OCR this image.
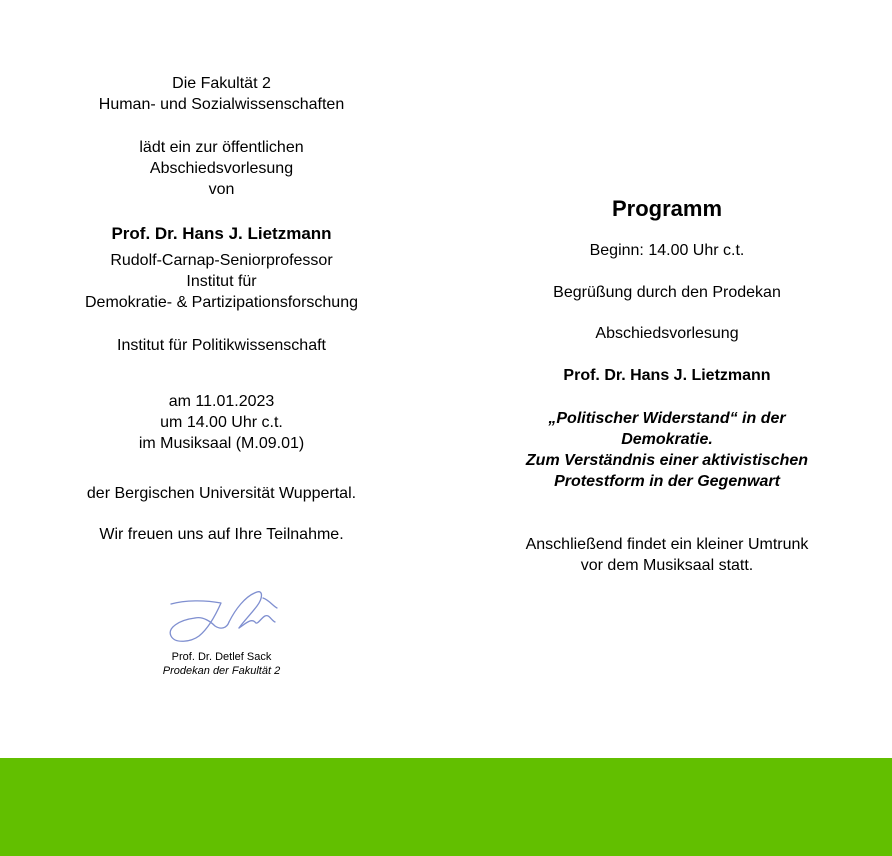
Die Fakultät 2
Human- und Sozialwissenschaften
lädt ein zur öffentlichen
Abschiedsvorlesung
von
Prof. Dr. Hans J. Lietzmann
Rudolf-Carnap-Seniorprofessor
Institut für
Demokratie- & Partizipationsforschung
Institut für Politikwissenschaft
am 11.01.2023
um 14.00 Uhr c.t.
im Musiksaal (M.09.01)
der Bergischen Universität Wuppertal.
Wir freuen uns auf Ihre Teilnahme.
Prof. Dr. Detlef Sack
Prodekan der Fakultät 2
Programm
Beginn: 14.00 Uhr c.t.
Begrüßung durch den Prodekan
Abschiedsvorlesung
Prof. Dr. Hans J. Lietzmann
„Politischer Widerstand“ in der
Demokratie.
Zum Verständnis einer aktivistischen
Protestform in der Gegenwart
Anschließend findet ein kleiner Umtrunk
vor dem Musiksaal statt.
